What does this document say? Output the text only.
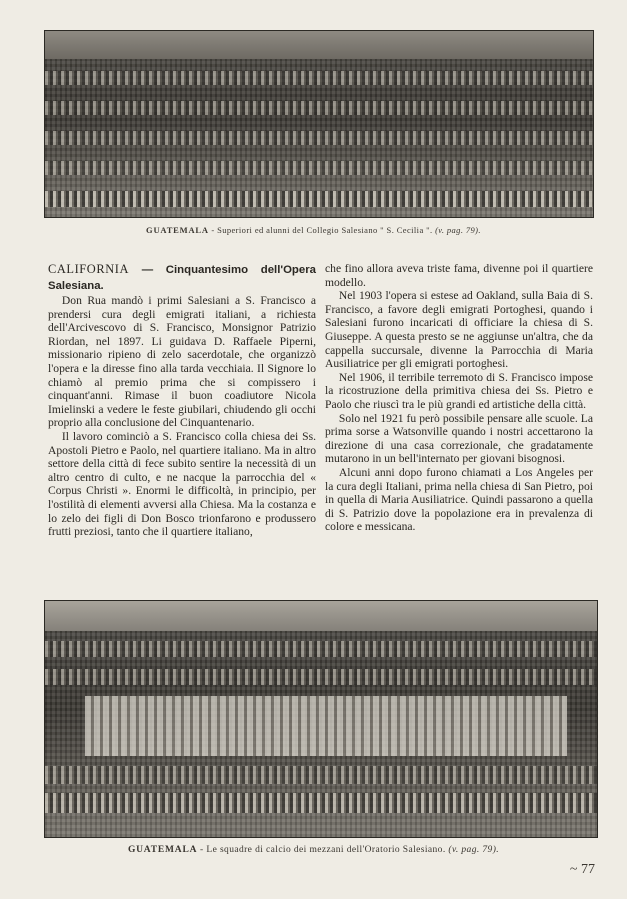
GUATEMALA - Superiori ed alunni del Collegio Salesiano " S. Cecilia ". (v. pag. 79).

CALIFORNIA — Cinquantesimo dell'Opera Salesiana.

Don Rua mandò i primi Salesiani a S. Francisco a prendersi cura degli emigrati italiani, a richiesta dell'Arcivescovo di S. Francisco, Monsignor Patrizio Riordan, nel 1897. Li guidava D. Raffaele Piperni, missionario ripieno di zelo sacerdotale, che organizzò l'opera e la diresse fino alla tarda vecchiaia. Il Signore lo chiamò al premio prima che si compissero i cinquant'anni. Rimase il buon coadiutore Nicola Imielinski a vedere le feste giubilari, chiudendo gli occhi proprio alla conclusione del Cinquantenario.

Il lavoro cominciò a S. Francisco colla chiesa dei Ss. Apostoli Pietro e Paolo, nel quartiere italiano. Ma in altro settore della città di fece subito sentire la necessità di un altro centro di culto, e ne nacque la parrocchia del « Corpus Christi ». Enormi le difficoltà, in principio, per l'ostilità di elementi avversi alla Chiesa. Ma la costanza e lo zelo dei figli di Don Bosco trionfarono e produssero frutti preziosi, tanto che il quartiere italiano,

che fino allora aveva triste fama, divenne poi il quartiere modello.

Nel 1903 l'opera si estese ad Oakland, sulla Baia di S. Francisco, a favore degli emigrati Portoghesi, quando i Salesiani furono incaricati di officiare la chiesa di S. Giuseppe. A questa presto se ne aggiunse un'altra, che da cappella succursale, divenne la Parrocchia di Maria Ausiliatrice per gli emigrati portoghesi.

Nel 1906, il terribile terremoto di S. Francisco impose la ricostruzione della primitiva chiesa dei Ss. Pietro e Paolo che riuscì tra le più grandi ed artistiche della città.

Solo nel 1921 fu però possibile pensare alle scuole. La prima sorse a Watsonville quando i nostri accettarono la direzione di una casa correzionale, che gradatamente mutarono in un bell'internato per giovani bisognosi.

Alcuni anni dopo furono chiamati a Los Angeles per la cura degli Italiani, prima nella chiesa di San Pietro, poi in quella di Maria Ausiliatrice. Quindi passarono a quella di S. Patrizio dove la popolazione era in prevalenza di colore e messicana.

GUATEMALA - Le squadre di calcio dei mezzani dell'Oratorio Salesiano. (v. pag. 79).
~ 77
